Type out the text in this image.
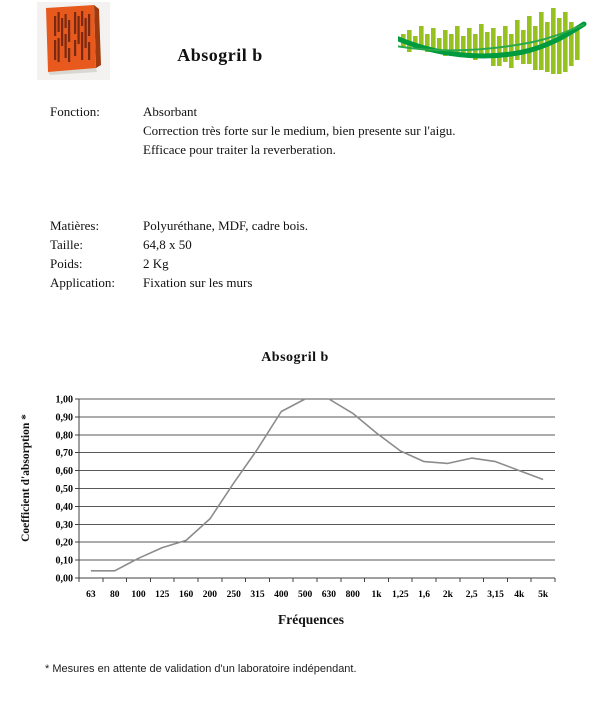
Absogril b
Fonction:	Absorbant
Correction très forte sur le medium, bien presente sur l'aigu.
Efficace pour traiter la reverberation.
Matières:	Polyuréthane, MDF, cadre bois.
Taille:	64,8 x 50
Poids:	2 Kg
Application:	Fixation sur les murs
Absogril b
Coefficient d'absorption *
0,00
0,10
0,20
0,30
0,40
0,50
0,60
0,70
0,80
0,90
1,00
63 80 100 125 160 200 250 315 400 500 630 800 1k 1,25 1,6 2k 2,5 3,15 4k 5k
Fréquences
* Mesures en attente de validation d'un laboratoire indépendant.
